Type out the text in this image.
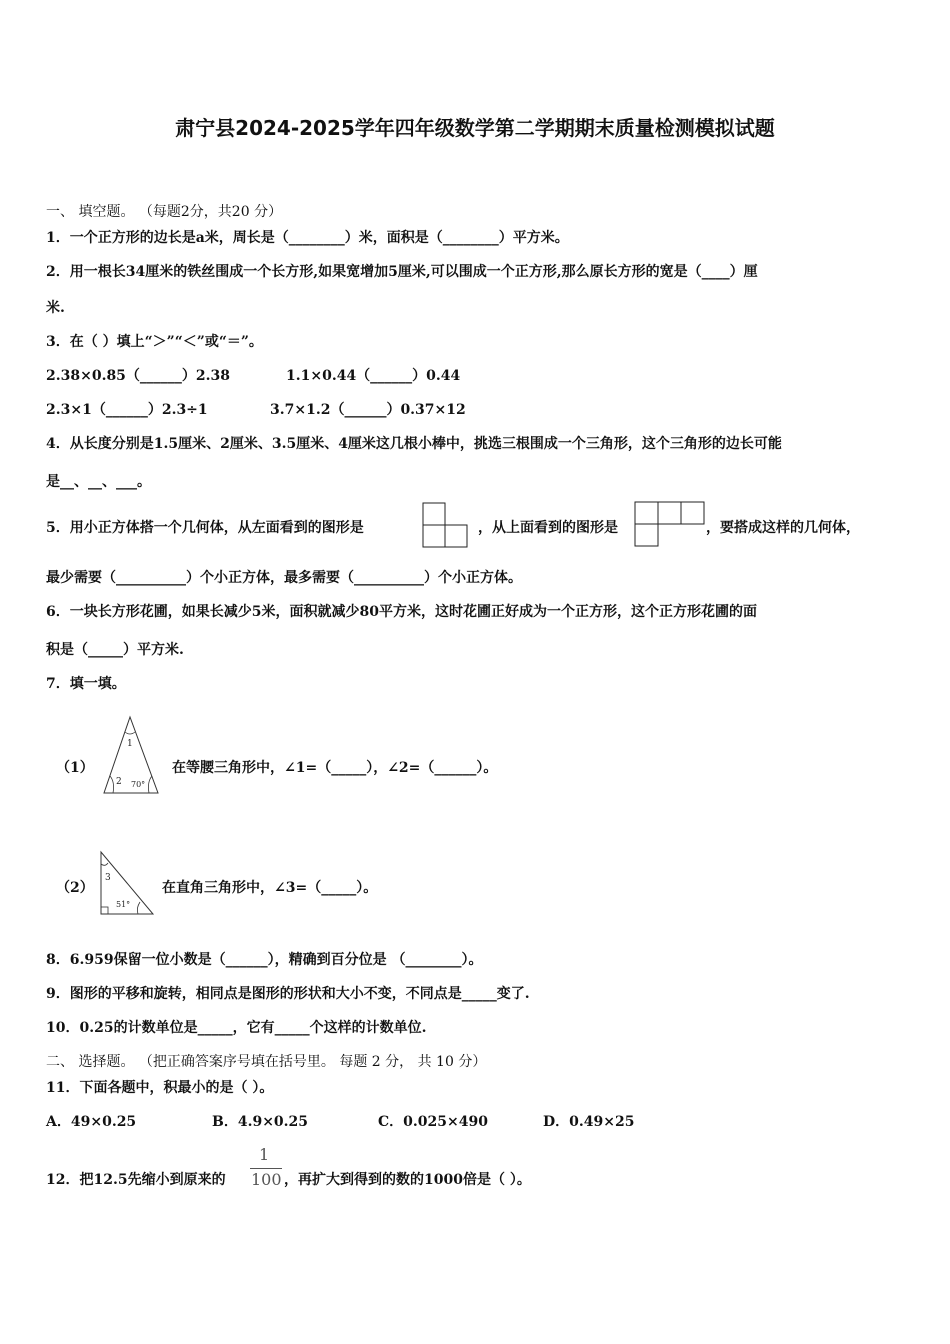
肃宁县2024-2025学年四年级数学第二学期期末质量检测模拟试题
一、 填空题。 （每题2分，共20 分）
1．一个正方形的边长是a米，周长是（________）米，面积是（________）平方米。
2．用一根长34厘米的铁丝围成一个长方形,如果宽增加5厘米,可以围成一个正方形,那么原长方形的宽是（____）厘
米.
3．在（ ）填上“＞”“＜”或“＝”。
2.38×0.85（______）2.38	1.1×0.44（______）0.44
2.3×1（______）2.3÷1	3.7×1.2（______）0.37×12
4．从长度分别是1.5厘米、2厘米、3.5厘米、4厘米这几根小棒中，挑选三根围成一个三角形，这个三角形的边长可能
是__、__、___。
5．用小正方体搭一个几何体，从左面看到的图形是	，从上面看到的图形是	，要搭成这样的几何体，
最少需要（__________）个小正方体，最多需要（__________）个小正方体。
6．一块长方形花圃，如果长减少5米，面积就减少80平方米，这时花圃正好成为一个正方形，这个正方形花圃的面
积是（_____）平方米.
7．填一填。
（1）
1
2 70°
在等腰三角形中，∠1=（_____），∠2=（______）。
（2）
3
51°
在直角三角形中，∠3=（_____）。
8．6.959保留一位小数是（______），精确到百分位是 （________）。
9．图形的平移和旋转，相同点是图形的形状和大小不变，不同点是_____变了.
10．0.25的计数单位是_____，它有_____个这样的计数单位.
二、 选择题。 （把正确答案序号填在括号里。 每题 2 分， 共 10 分）
11．下面各题中，积最小的是（ ）。
A．49×0.25	B．4.9×0.25	C．0.025×490	D．0.49×25
12．把12.5先缩小到原来的
1
100 ，再扩大到得到的数的1000倍是（ ）。
